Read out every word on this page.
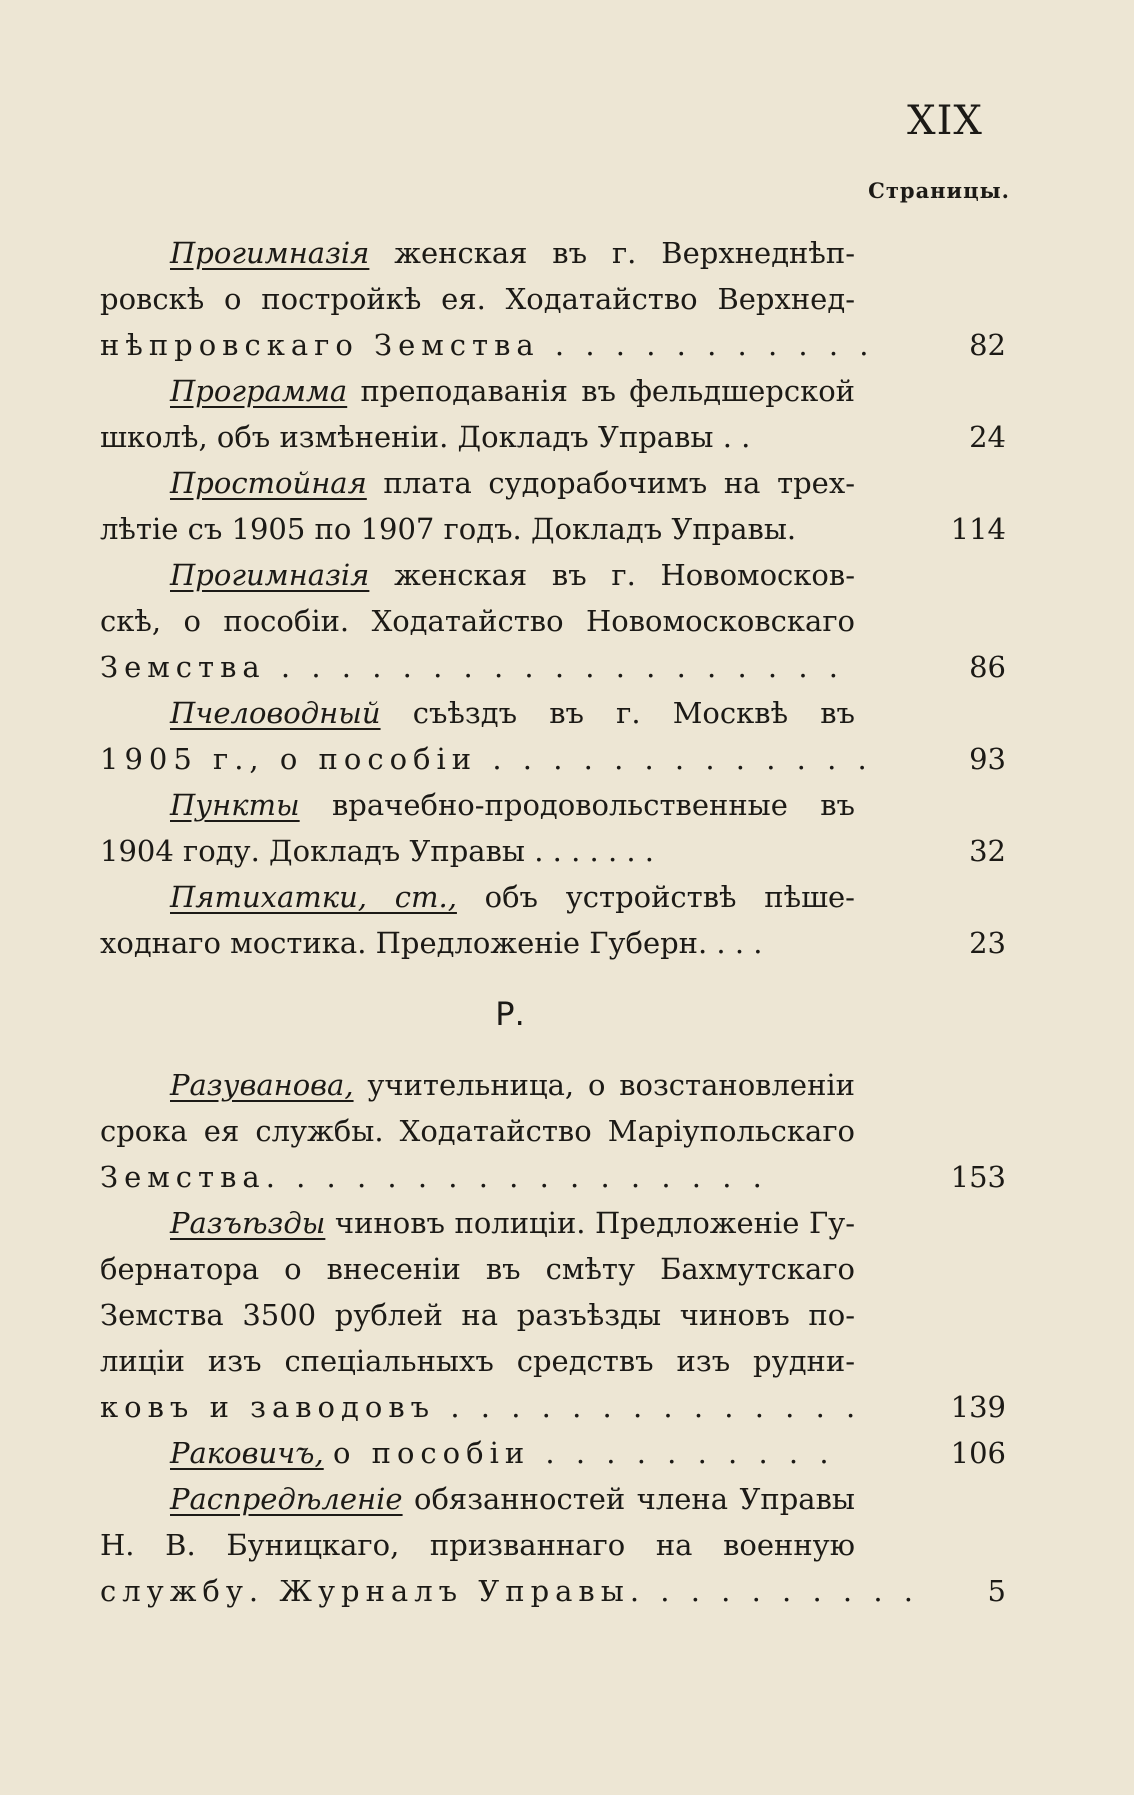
XIX
Страницы.
Прогимназія женская въ г. Верхнеднѣп-
ровскѣ о постройкѣ ея. Ходатайство Верхнед-
нѣпровскаго Земства . . . . . . . . . . .	82
Программа преподаванія въ фельдшерской
школѣ, объ измѣненіи. Докладъ Управы . .	24
Простойная плата судорабочимъ на трех-
лѣтіе съ 1905 по 1907 годъ. Докладъ Управы.	114
Прогимназія женская въ г. Новомосков-
скѣ, о пособіи. Ходатайство Новомосковскаго
Земства . . . . . . . . . . . . . . . . . . .	86
Пчеловодный съѣздъ въ г. Москвѣ въ
1905 г., о пособіи . . . . . . . . . . . . .	93
Пункты врачебно-продовольственные въ
1904 году. Докладъ Управы . . . . . . .	32
Пятихатки, ст., объ устройствѣ пѣше-
ходнаго мостика. Предложеніе Губерн. . . .	23
Р.
Разуванова, учительница, о возстановленіи
срока ея службы. Ходатайство Маріупольскаго
Земства. . . . . . . . . . . . . . . . .	153
Разъѣзды чиновъ полиціи. Предложеніе Гу-
бернатора о внесеніи въ смѣту Бахмутскаго
Земства 3500 рублей на разъѣзды чиновъ по-
лиціи изъ спеціальныхъ средствъ изъ рудни-
ковъ и заводовъ . . . . . . . . . . . . . .	139
Раковичъ, о пособіи . . . . . . . . . .	106
Распредѣленіе обязанностей члена Управы
Н. В. Буницкаго, призваннаго на военную
службу. Журналъ Управы. . . . . . . . . .	5
